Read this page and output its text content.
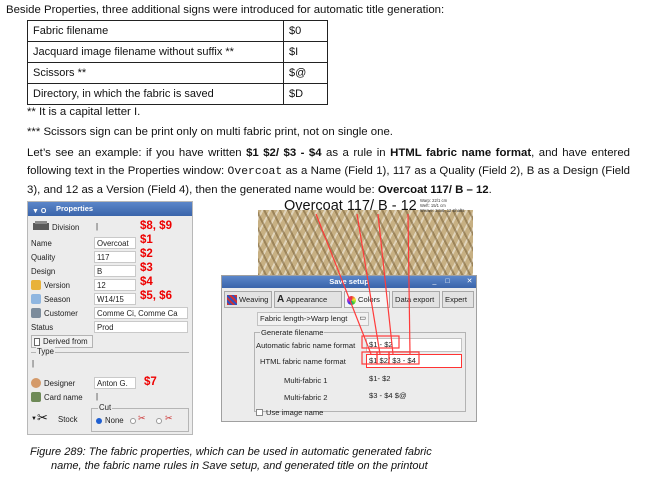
Beside Properties, three additional signs were introduced for automatic title generation:
Fabric filename	$0
Jacquard image filename without suffix **	$I
Scissors **	$@
Directory, in which the fabric is saved	$D
** It is a capital letter I.
*** Scissors sign can be print only on multi fabric print, not on single one.
Let’s see an example: if you have written $1 $2/ $3 - $4 as a rule in HTML fabric name format, and have entered following text in the Properties window: Overcoat as a Name (Field 1), 117 as a Quality (Field 2), B as a Design (Field 3), and 12 as a Version (Field 4), then the generated name would be: Overcoat 117/ B – 12.
▼ O	Properties
Division |	$8, $9
Name	Overcoat $1
Quality	117	$2
Design	B	$3
Version	12	$4
Season	W14/15	$5, $6
Customer	Comme Ci, Comme Ca
Status	Prod
Derived from
Type
|
Designer	Anton G.	$7
Card name |
▼ ✂ Stock
Cut
None ✂ ✂
Overcoat 117/ B - 12 Warp: 22/1 cm
Weft: 15/1 cm
Weave: 24x6, 12 Shafts
Save setup	_	□	✕
Weaving A Appearance	Colors	Data export	Expert
Fabric length->Warp lengt ▭
Generate filename
Automatic fabric name format	$1 - $2
HTML fabric name format	$1 $2/ $3 - $4
Multi-fabric 1	$1- $2
Multi-fabric 2	$3 - $4 $@
Use image name
Figure 289: The fabric properties, which can be used in automatic generated fabric
name, the fabric name rules in Save setup, and generated title on the printout
